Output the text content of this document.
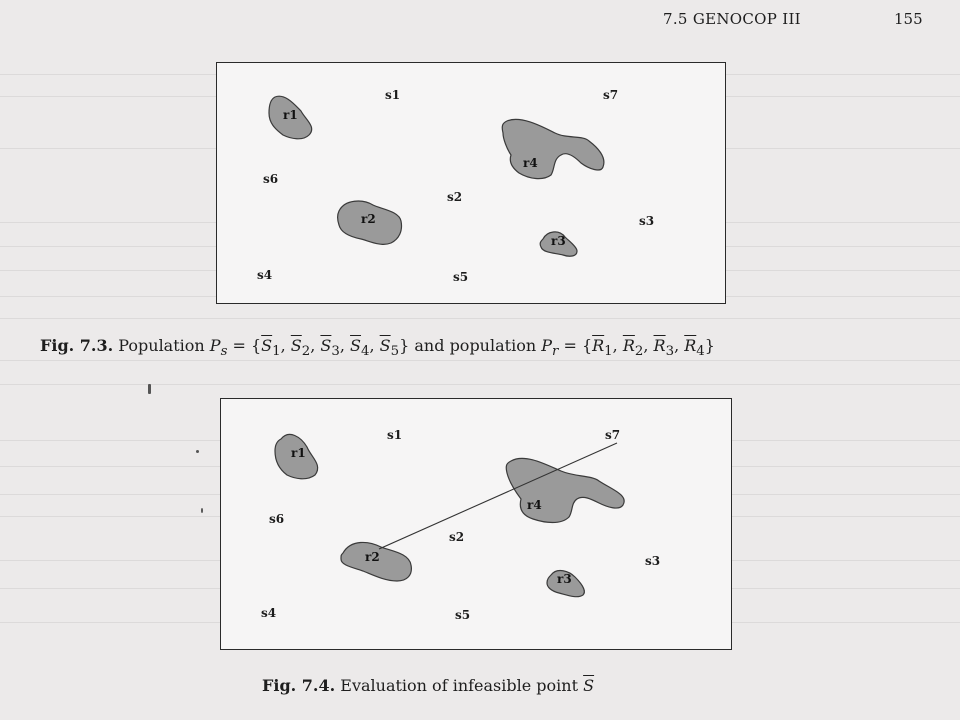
7.5 GENOCOP III	155
r1
r4
r2
r3
s1	s7
s6
s2
s3
s4	s5
Fig. 7.3. Population $P_s = \{\overline{S}_1$, $\overline{S}_2$, $\overline{S}_3$, $\overline{S}_4$, $\overline{S}_5$} and population $P_r = \{\overline{R}_1$, $\overline{R}_2$, $\overline{R}_3$, $\overline{R}_4$}
r1
r4
r2
r3
s1	s7
s6
s2
s3
s4	s5
Fig. 7.4. Evaluation of infeasible point $\overline{S}$
